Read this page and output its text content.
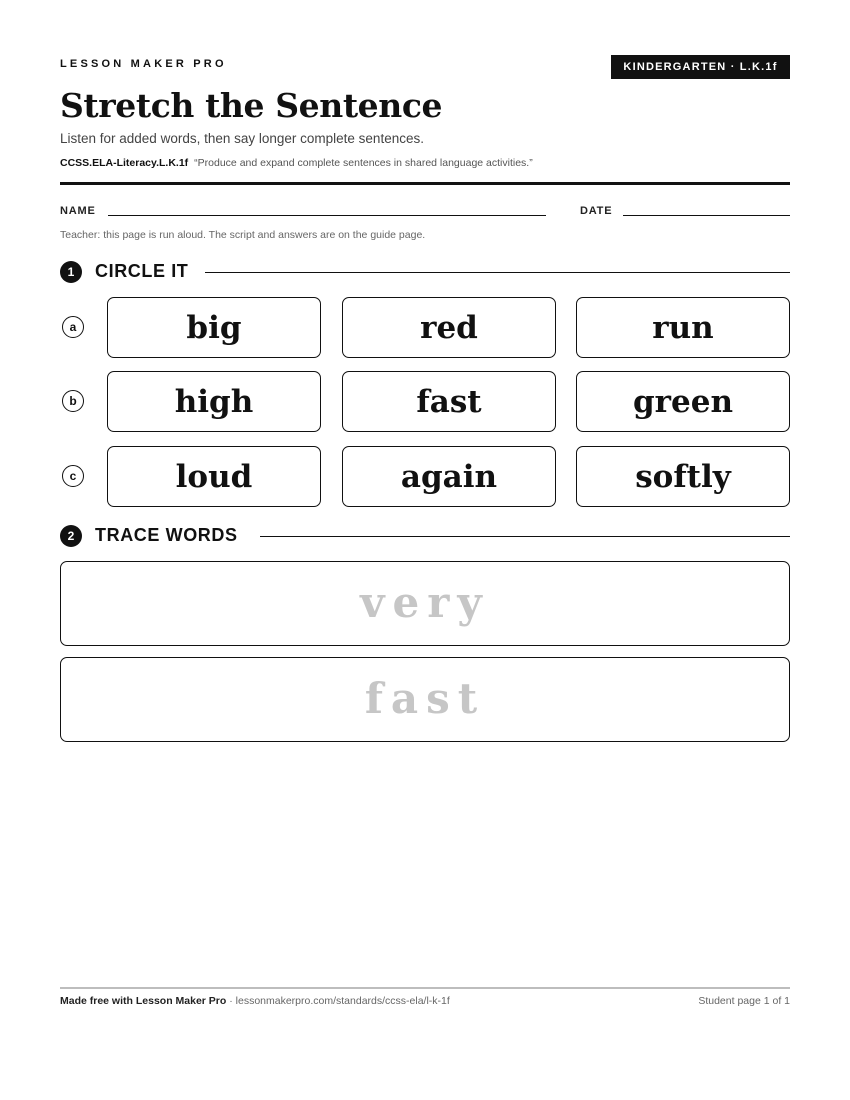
LESSON MAKER PRO	KINDERGARTEN · L.K.1f
Stretch the Sentence
Listen for added words, then say longer complete sentences.
CCSS.ELA-Literacy.L.K.1f “Produce and expand complete sentences in shared language activities.”
NAME	DATE
Teacher: this page is run aloud. The script and answers are on the guide page.
1	CIRCLE IT
a	big	red	run
b	high	fast	green
c	loud	again	softly
2	TRACE WORDS
very
fast
Made free with Lesson Maker Pro · lessonmakerpro.com/standards/ccss-ela/l-k-1f	Student page 1 of 1
